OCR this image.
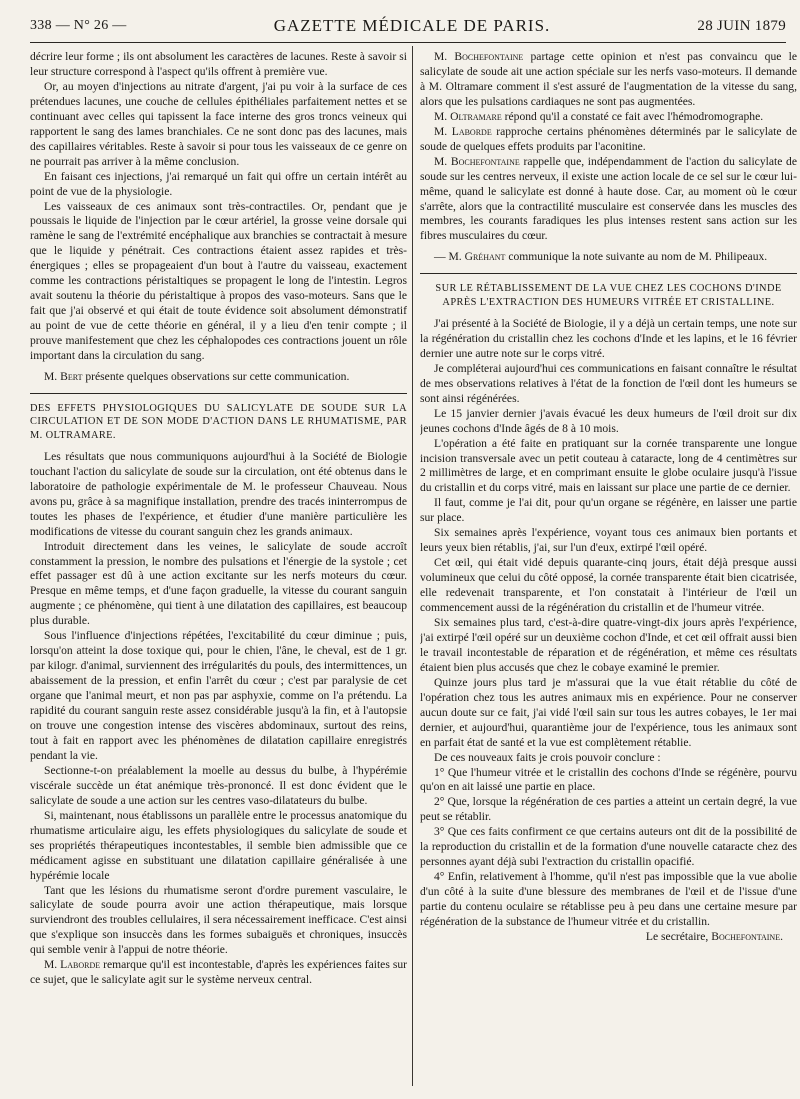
338 — N° 26 —	GAZETTE MÉDICALE DE PARIS.	28 JUIN 1879

décrire leur forme ; ils ont absolument les caractères de lacunes. Reste à savoir si leur structure correspond à l'aspect qu'ils offrent à première vue.

Or, au moyen d'injections au nitrate d'argent, j'ai pu voir à la surface de ces prétendues lacunes, une couche de cellules épithéliales parfaitement nettes et se continuant avec celles qui tapissent la face interne des gros troncs veineux qui rapportent le sang des lames branchiales. Ce ne sont donc pas des lacunes, mais des capillaires véritables. Reste à savoir si pour tous les vaisseaux de ce genre on ne pourrait pas arriver à la même conclusion.

En faisant ces injections, j'ai remarqué un fait qui offre un certain intérêt au point de vue de la physiologie.

Les vaisseaux de ces animaux sont très-contractiles. Or, pendant que je poussais le liquide de l'injection par le cœur artériel, la grosse veine dorsale qui ramène le sang de l'extrémité encéphalique aux branchies se contractait à mesure que le liquide y pénétrait. Ces contractions étaient assez rapides et très-énergiques ; elles se propageaient d'un bout à l'autre du vaisseau, exactement comme les contractions péristaltiques se propagent le long de l'intestin. Legros avait soutenu la théorie du péristaltique à propos des vaso-moteurs. Sans que le fait que j'ai observé et qui était de toute évidence soit absolument démonstratif au point de vue de cette théorie en général, il y a lieu d'en tenir compte ; il prouve manifestement que chez les céphalopodes ces contractions jouent un rôle important dans la circulation du sang.

M. Bert présente quelques observations sur cette communication.

DES EFFETS PHYSIOLOGIQUES DU SALICYLATE DE SOUDE SUR LA CIRCULATION ET DE SON MODE D'ACTION DANS LE RHUMATISME, PAR M. OLTRAMARE.

Les résultats que nous communiquons aujourd'hui à la Société de Biologie touchant l'action du salicylate de soude sur la circulation, ont été obtenus dans le laboratoire de pathologie expérimentale de M. le professeur Chauveau. Nous avons pu, grâce à sa magnifique installation, prendre des tracés ininterrompus de toutes les phases de l'expérience, et étudier d'une manière particulière les modifications de vitesse du courant sanguin chez les grands animaux.

Introduit directement dans les veines, le salicylate de soude accroît constamment la pression, le nombre des pulsations et l'énergie de la systole ; cet effet passager est dû à une action excitante sur les nerfs moteurs du cœur. Presque en même temps, et d'une façon graduelle, la vitesse du courant sanguin augmente ; ce phénomène, qui tient à une dilatation des capillaires, est beaucoup plus durable.

Sous l'influence d'injections répétées, l'excitabilité du cœur diminue ; puis, lorsqu'on atteint la dose toxique qui, pour le chien, l'âne, le cheval, est de 1 gr. par kilogr. d'animal, surviennent des irrégularités du pouls, des intermittences, un abaissement de la pression, et enfin l'arrêt du cœur ; c'est par paralysie de cet organe que l'animal meurt, et non pas par asphyxie, comme on l'a prétendu. La rapidité du courant sanguin reste assez considérable jusqu'à la fin, et à l'autopsie on trouve une congestion intense des viscères abdominaux, surtout des reins, tout à fait en rapport avec les phénomènes de dilatation capillaire enregistrés pendant la vie.

Sectionne-t-on préalablement la moelle au dessus du bulbe, à l'hypérémie viscérale succède un état anémique très-prononcé. Il est donc évident que le salicylate de soude a une action sur les centres vaso-dilatateurs du bulbe.

Si, maintenant, nous établissons un parallèle entre le processus anatomique du rhumatisme articulaire aigu, les effets physiologiques du salicylate de soude et ses propriétés thérapeutiques incontestables, il semble bien admissible que ce médicament agisse en substituant une dilatation capillaire généralisée à une hypérémie locale

Tant que les lésions du rhumatisme seront d'ordre purement vasculaire, le salicylate de soude pourra avoir une action thérapeutique, mais lorsque surviendront des troubles cellulaires, il sera nécessairement inefficace. C'est ainsi que s'explique son insuccès dans les formes subaiguës et chroniques, insuccès qui semble venir à l'appui de notre théorie.

M. Laborde remarque qu'il est incontestable, d'après les expériences faites sur ce sujet, que le salicylate agit sur le système nerveux central.

M. Bochefontaine partage cette opinion et n'est pas convaincu que le salicylate de soude ait une action spéciale sur les nerfs vaso-moteurs. Il demande à M. Oltramare comment il s'est assuré de l'augmentation de la vitesse du sang, alors que les pulsations cardiaques ne sont pas augmentées.

M. Oltramare répond qu'il a constaté ce fait avec l'hémodromographe.

M. Laborde rapproche certains phénomènes déterminés par le salicylate de soude de quelques effets produits par l'aconitine.

M. Bochefontaine rappelle que, indépendamment de l'action du salicylate de soude sur les centres nerveux, il existe une action locale de ce sel sur le cœur lui-même, quand le salicylate est donné à haute dose. Car, au moment où le cœur s'arrête, alors que la contractilité musculaire est conservée dans les muscles des membres, les courants faradiques les plus intenses restent sans action sur les fibres musculaires du cœur.

— M. Gréhant communique la note suivante au nom de M. Philipeaux.

SUR LE RÉTABLISSEMENT DE LA VUE CHEZ LES COCHONS D'INDE APRÈS L'EXTRACTION DES HUMEURS VITRÉE ET CRISTALLINE.

J'ai présenté à la Société de Biologie, il y a déjà un certain temps, une note sur la régénération du cristallin chez les cochons d'Inde et les lapins, et le 16 février dernier une autre note sur le corps vitré.

Je compléterai aujourd'hui ces communications en faisant connaître le résultat de mes observations relatives à l'état de la fonction de l'œil dont les humeurs se sont ainsi régénérées.

Le 15 janvier dernier j'avais évacué les deux humeurs de l'œil droit sur dix jeunes cochons d'Inde âgés de 8 à 10 mois.

L'opération a été faite en pratiquant sur la cornée transparente une longue incision transversale avec un petit couteau à cataracte, long de 4 centimètres sur 2 millimètres de large, et en comprimant ensuite le globe oculaire jusqu'à l'issue du cristallin et du corps vitré, mais en laissant sur place une partie de ce dernier.

Il faut, comme je l'ai dit, pour qu'un organe se régénère, en laisser une partie sur place.

Six semaines après l'expérience, voyant tous ces animaux bien portants et leurs yeux bien rétablis, j'ai, sur l'un d'eux, extirpé l'œil opéré.

Cet œil, qui était vidé depuis quarante-cinq jours, était déjà presque aussi volumineux que celui du côté opposé, la cornée transparente était bien cicatrisée, elle redevenait transparente, et l'on constatait à l'intérieur de l'œil un commencement aussi de la régénération du cristallin et de l'humeur vitrée.

Six semaines plus tard, c'est-à-dire quatre-vingt-dix jours après l'expérience, j'ai extirpé l'œil opéré sur un deuxième cochon d'Inde, et cet œil offrait aussi bien le travail incontestable de réparation et de régénération, et même ces résultats étaient bien plus accusés que chez le cobaye examiné le premier.

Quinze jours plus tard je m'assurai que la vue était rétablie du côté de l'opération chez tous les autres animaux mis en expérience. Pour ne conserver aucun doute sur ce fait, j'ai vidé l'œil sain sur tous les autres cobayes, le 1er mai dernier, et aujourd'hui, quarantième jour de l'expérience, tous les animaux sont en parfait état de santé et la vue est complètement rétablie.

De ces nouveaux faits je crois pouvoir conclure :

1° Que l'humeur vitrée et le cristallin des cochons d'Inde se régénère, pourvu qu'on en ait laissé une partie en place.

2° Que, lorsque la régénération de ces parties a atteint un certain degré, la vue peut se rétablir.

3° Que ces faits confirment ce que certains auteurs ont dit de la possibilité de la reproduction du cristallin et de la formation d'une nouvelle cataracte chez des personnes ayant déjà subi l'extraction du cristallin opacifié.

4° Enfin, relativement à l'homme, qu'il n'est pas impossible que la vue abolie d'un côté à la suite d'une blessure des membranes de l'œil et de l'issue d'une partie du contenu oculaire se rétablisse peu à peu dans une certaine mesure par régénération de la substance de l'humeur vitrée et du cristallin.

Le secrétaire, Bochefontaine.
